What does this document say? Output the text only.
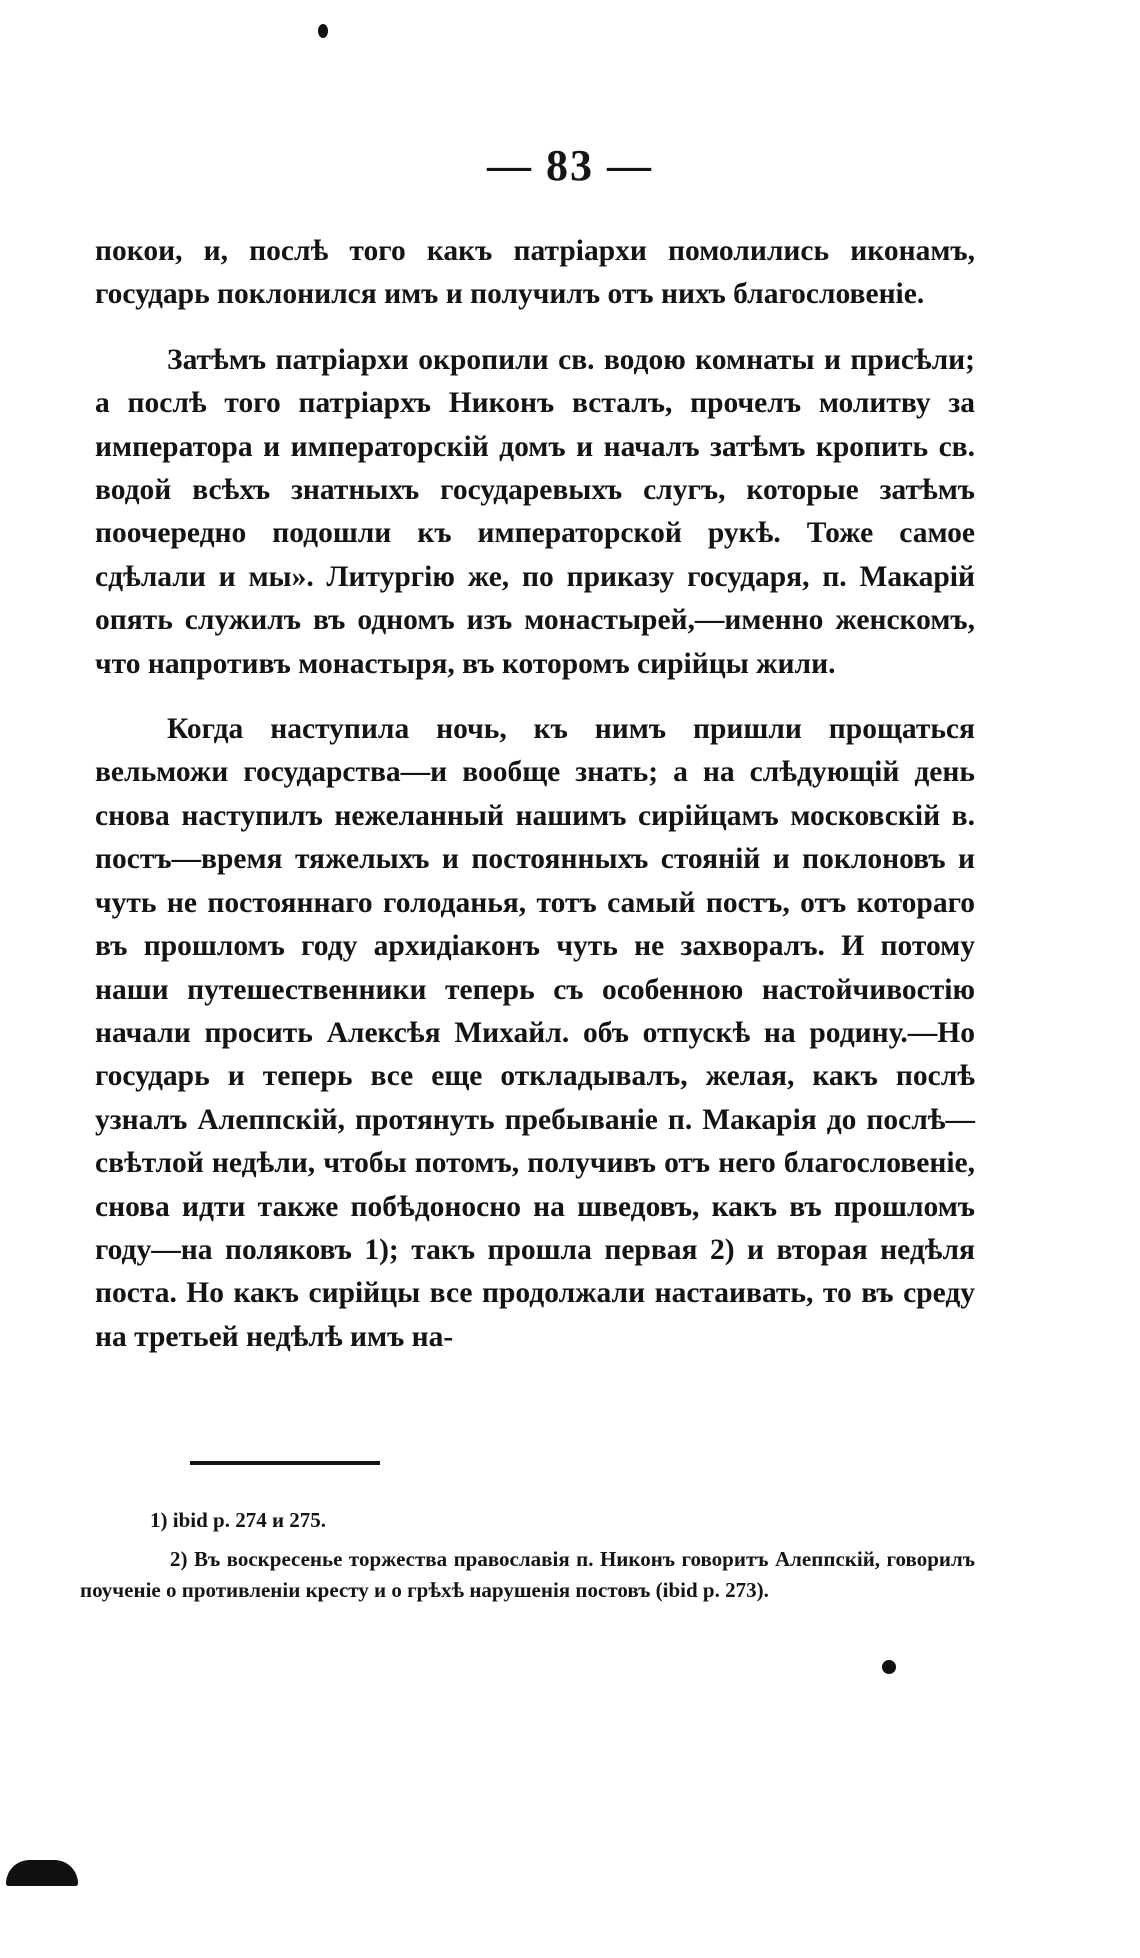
— 83 —

покои, и, послѣ того какъ патріархи помолились иконамъ, государь поклонился имъ и получилъ отъ нихъ благословеніе.

Затѣмъ патріархи окропили св. водою комнаты и присѣли; а послѣ того патріархъ Никонъ всталъ, прочелъ молитву за императора и императорскій домъ и началъ затѣмъ кропить св. водой всѣхъ знатныхъ государевыхъ слугъ, которые затѣмъ поочередно подошли къ императорской рукѣ. Тоже самое сдѣлали и мы». Литургію же, по приказу государя, п. Макарій опять служилъ въ одномъ изъ монастырей,—именно женскомъ, что напротивъ монастыря, въ которомъ сирійцы жили.

Когда наступила ночь, къ нимъ пришли прощаться вельможи государства—и вообще знать; а на слѣдующій день снова наступилъ нежеланный нашимъ сирійцамъ московскій в. постъ—время тяжелыхъ и постоянныхъ стояній и поклоновъ и чуть не постояннаго голоданья, тотъ самый постъ, отъ котораго въ прошломъ году архидіаконъ чуть не захворалъ. И потому наши путешественники теперь съ особенною настойчивостію начали просить Алексѣя Михайл. объ отпускѣ на родину.—Но государь и теперь все еще откладывалъ, желая, какъ послѣ узналъ Алеппскій, протянуть пребываніе п. Макарія до послѣ—свѣтлой недѣли, чтобы потомъ, получивъ отъ него благословеніе, снова идти также побѣдоносно на шведовъ, какъ въ прошломъ году—на поляковъ 1); такъ прошла первая 2) и вторая недѣля поста. Но какъ сирійцы все продолжали настаивать, то въ среду на третьей недѣлѣ имъ на-

1) ibid p. 274 и 275.

2) Въ воскресенье торжества православія п. Никонъ говоритъ Алеппскій, говорилъ поученіе о противленіи кресту и о грѣхѣ нарушенія постовъ (ibid p. 273).
